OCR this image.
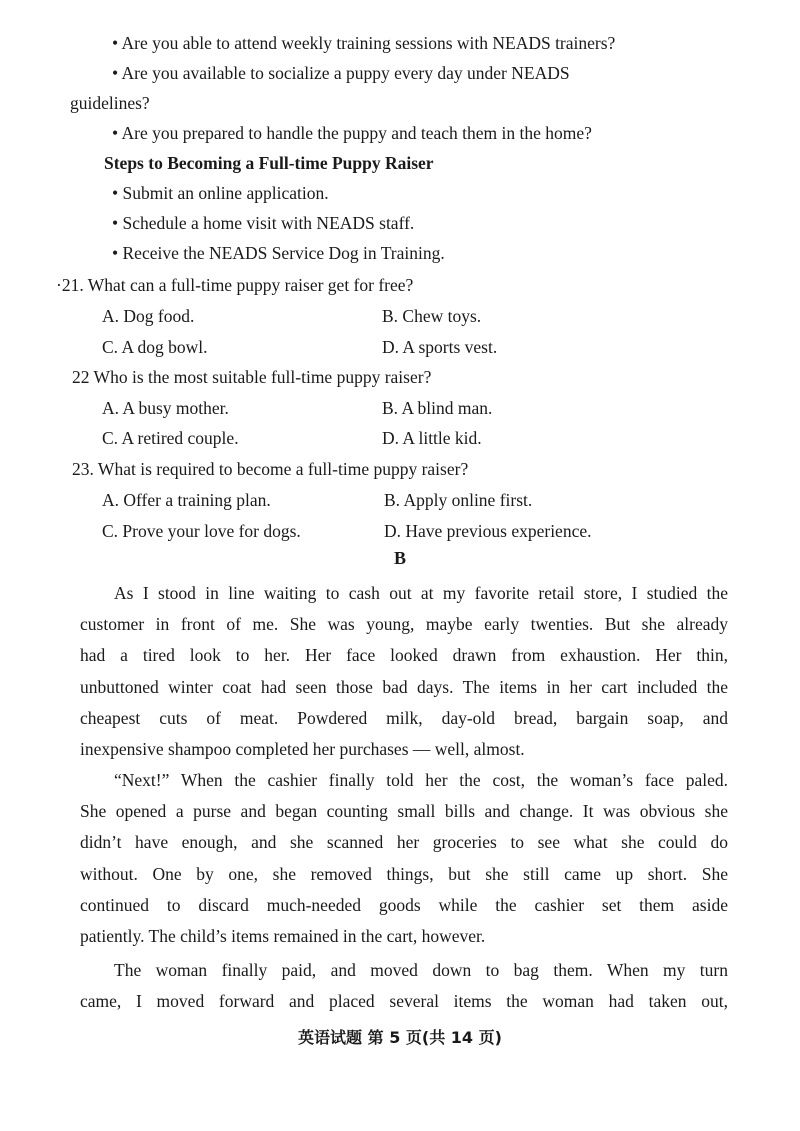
• Are you able to attend weekly training sessions with NEADS trainers?
• Are you available to socialize a puppy every day under NEADS
guidelines?
• Are you prepared to handle the puppy and teach them in the home?
Steps to Becoming a Full-time Puppy Raiser
• Submit an online application.
• Schedule a home visit with NEADS staff.
• Receive the NEADS Service Dog in Training.
·21. What can a full-time puppy raiser get for free?
A. Dog food.	B. Chew toys.
C. A dog bowl.	D. A sports vest.
22 Who is the most suitable full-time puppy raiser?
A. A busy mother.	B. A blind man.
C. A retired couple.	D. A little kid.
23. What is required to become a full-time puppy raiser?
A. Offer a training plan.	B. Apply online first.
C. Prove your love for dogs.	D. Have previous experience.
B
As I stood in line waiting to cash out at my favorite retail store, I studied the
customer in front of me. She was young, maybe early twenties. But she already
had a tired look to her. Her face looked drawn from exhaustion. Her thin,
unbuttoned winter coat had seen those bad days. The items in her cart included the
cheapest cuts of meat. Powdered milk, day-old bread, bargain soap, and
inexpensive shampoo completed her purchases — well, almost.
“Next!” When the cashier finally told her the cost, the woman’s face paled.
She opened a purse and began counting small bills and change. It was obvious she
didn’t have enough, and she scanned her groceries to see what she could do
without. One by one, she removed things, but she still came up short. She
continued to discard much-needed goods while the cashier set them aside
patiently. The child’s items remained in the cart, however.
The woman finally paid, and moved down to bag them. When my turn
came, I moved forward and placed several items the woman had taken out,
英语试题 第 5 页(共 14 页)
